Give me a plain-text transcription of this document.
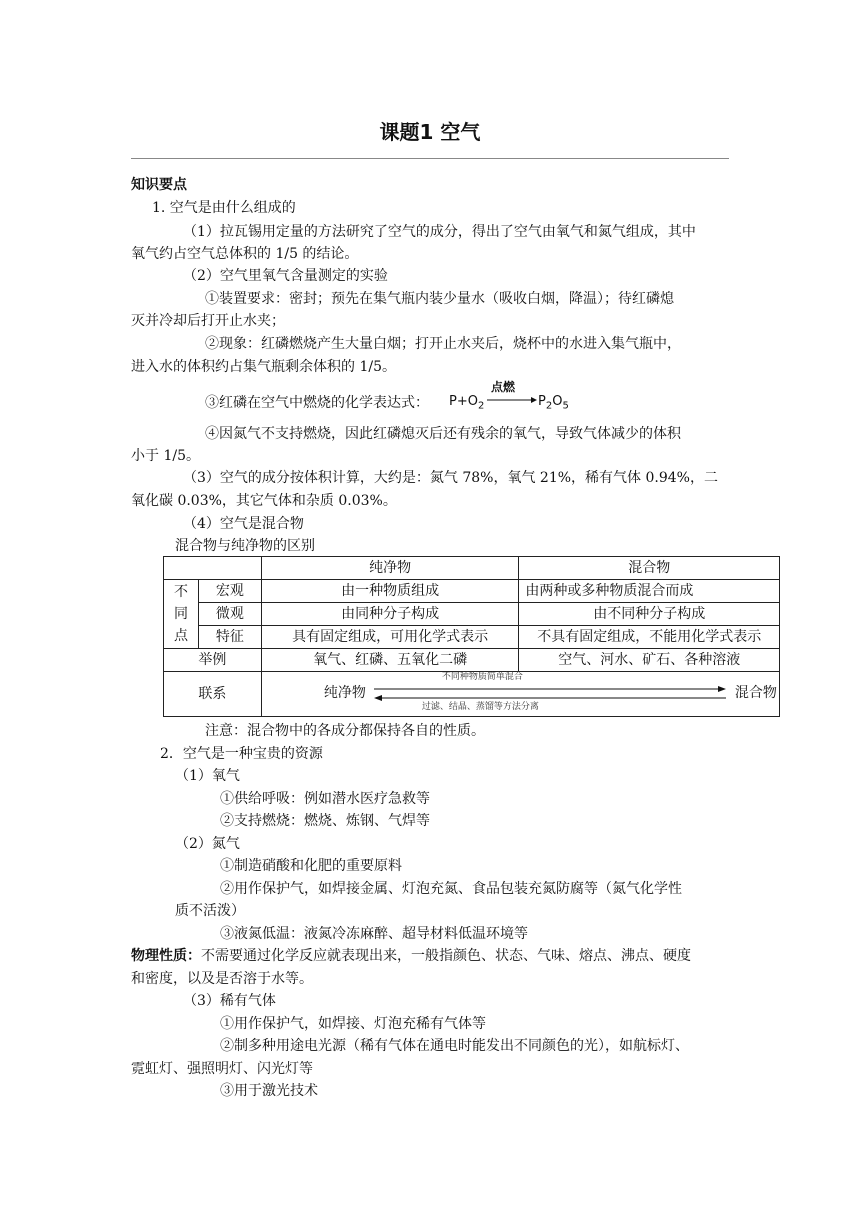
课题1 空气
知识要点
1. 空气是由什么组成的
（1）拉瓦锡用定量的方法研究了空气的成分，得出了空气由氧气和氮气组成，其中
氧气约占空气总体积的 1/5 的结论。
（2）空气里氧气含量测定的实验
①装置要求：密封；预先在集气瓶内装少量水（吸收白烟，降温）；待红磷熄
灭并冷却后打开止水夹；
②现象：红磷燃烧产生大量白烟；打开止水夹后，烧杯中的水进入集气瓶中，
进入水的体积约占集气瓶剩余体积的 1/5。
③红磷在空气中燃烧的化学表达式： $P+O_2$
点燃
→ $P_2O_5$
④因氮气不支持燃烧，因此红磷熄灭后还有残余的氧气，导致气体减少的体积
小于 1/5。
（3）空气的成分按体积计算，大约是：氮气 78%，氧气 21%，稀有气体 0.94%，二
氧化碳 0.03%，其它气体和杂质 0.03%。
（4）空气是混合物
混合物与纯净物的区别
		纯净物	混合物

不
同
点	宏观	由一种物质组成	由两种或多种物质混合而成
	微观	由同种分子构成	由不同种分子构成
	特征	具有固定组成，可用化学式表示	不具有固定组成，不能用化学式表示
举例		氧气、红磷、五氧化二磷	空气、河水、矿石、各种溶液
联系		纯净物 混合物
不同种物质简单混合
过滤、结晶、蒸馏等方法分离	
注意：混合物中的各成分都保持各自的性质。
2．空气是一种宝贵的资源
（1）氧气
①供给呼吸：例如潜水医疗急救等
②支持燃烧：燃烧、炼钢、气焊等
（2）氮气
①制造硝酸和化肥的重要原料
②用作保护气，如焊接金属、灯泡充氮、食品包装充氮防腐等（氮气化学性
质不活泼）
③液氮低温：液氮冷冻麻醉、超导材料低温环境等
物理性质：不需要通过化学反应就表现出来，一般指颜色、状态、气味、熔点、沸点、硬度
和密度，以及是否溶于水等。
（3）稀有气体
①用作保护气，如焊接、灯泡充稀有气体等
②制多种用途电光源（稀有气体在通电时能发出不同颜色的光），如航标灯、
霓虹灯、强照明灯、闪光灯等
③用于激光技术
